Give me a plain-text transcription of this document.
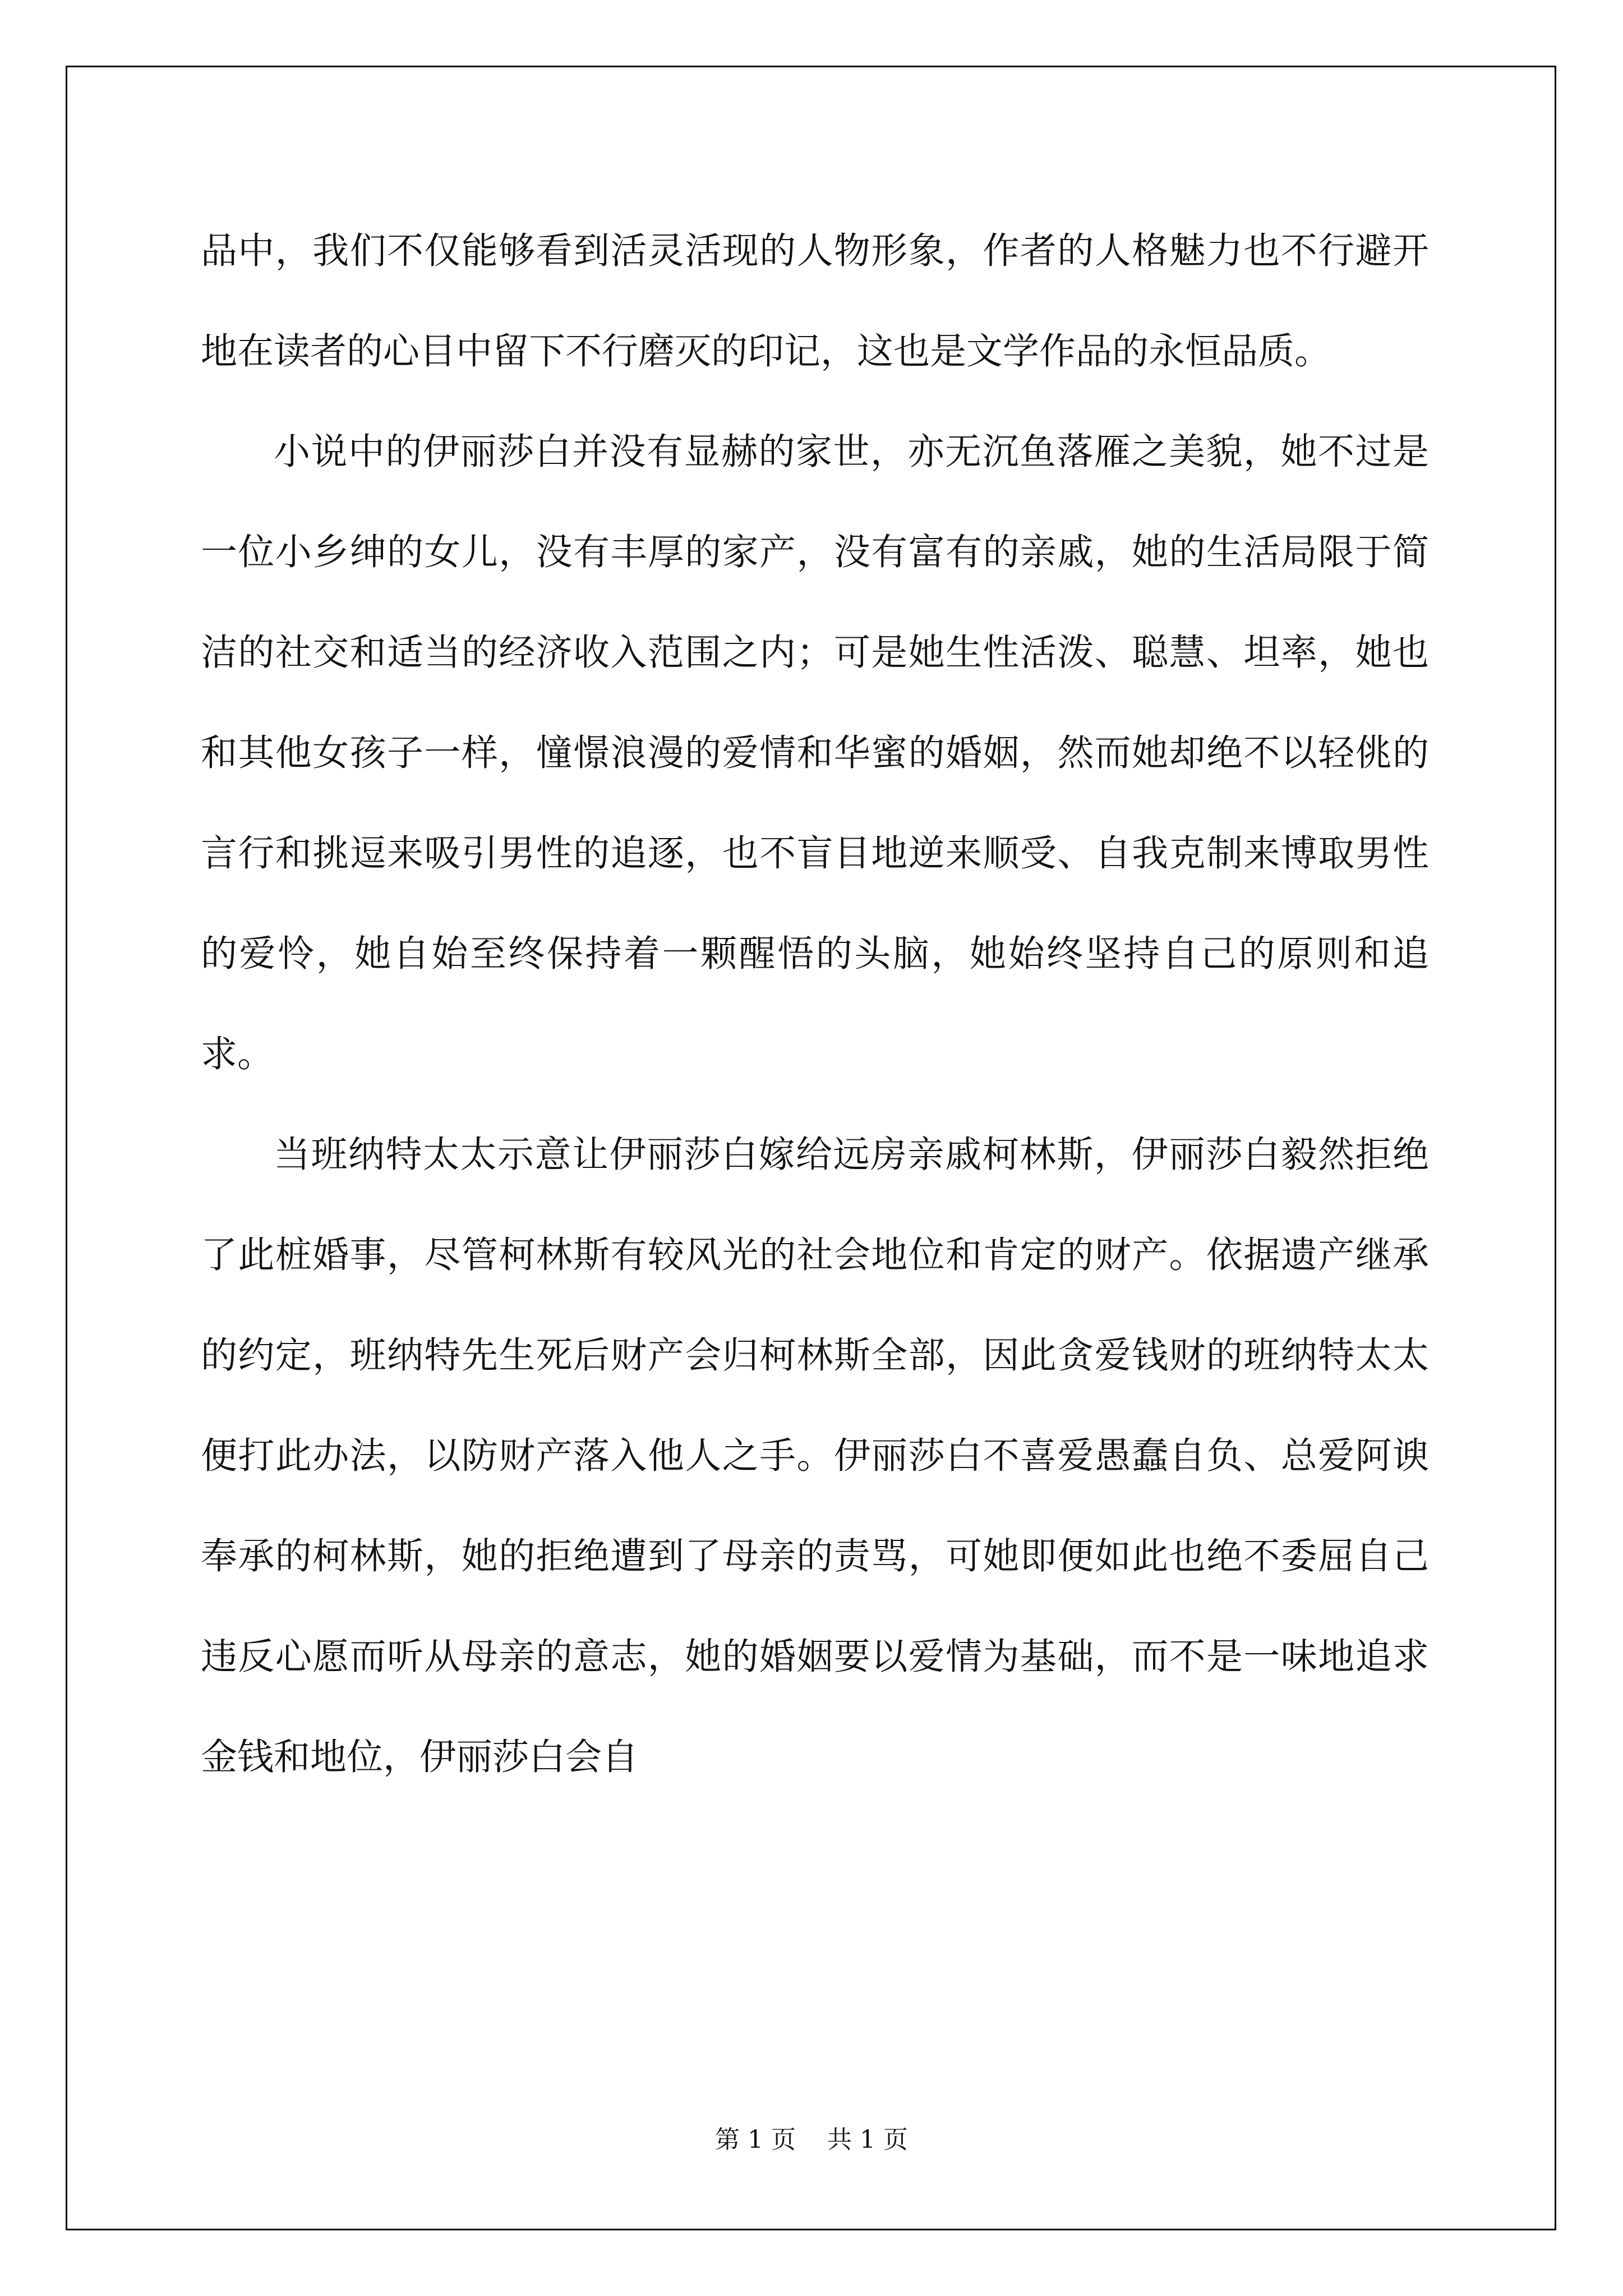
品中，我们不仅能够看到活灵活现的人物形象，作者的人格魅力也不行避开地在读者的心目中留下不行磨灭的印记，这也是文学作品的永恒品质。

小说中的伊丽莎白并没有显赫的家世，亦无沉鱼落雁之美貌，她不过是一位小乡绅的女儿，没有丰厚的家产，没有富有的亲戚，她的生活局限于简洁的社交和适当的经济收入范围之内；可是她生性活泼、聪慧、坦率，她也和其他女孩子一样，憧憬浪漫的爱情和华蜜的婚姻，然而她却绝不以轻佻的言行和挑逗来吸引男性的追逐，也不盲目地逆来顺受、自我克制来博取男性的爱怜，她自始至终保持着一颗醒悟的头脑，她始终坚持自己的原则和追求。

当班纳特太太示意让伊丽莎白嫁给远房亲戚柯林斯，伊丽莎白毅然拒绝了此桩婚事，尽管柯林斯有较风光的社会地位和肯定的财产。依据遗产继承的约定，班纳特先生死后财产会归柯林斯全部，因此贪爱钱财的班纳特太太便打此办法，以防财产落入他人之手。伊丽莎白不喜爱愚蠢自负、总爱阿谀奉承的柯林斯，她的拒绝遭到了母亲的责骂，可她即便如此也绝不委屈自己违反心愿而听从母亲的意志，她的婚姻要以爱情为基础，而不是一味地追求金钱和地位，伊丽莎白会自

第 1 页    共 1 页
